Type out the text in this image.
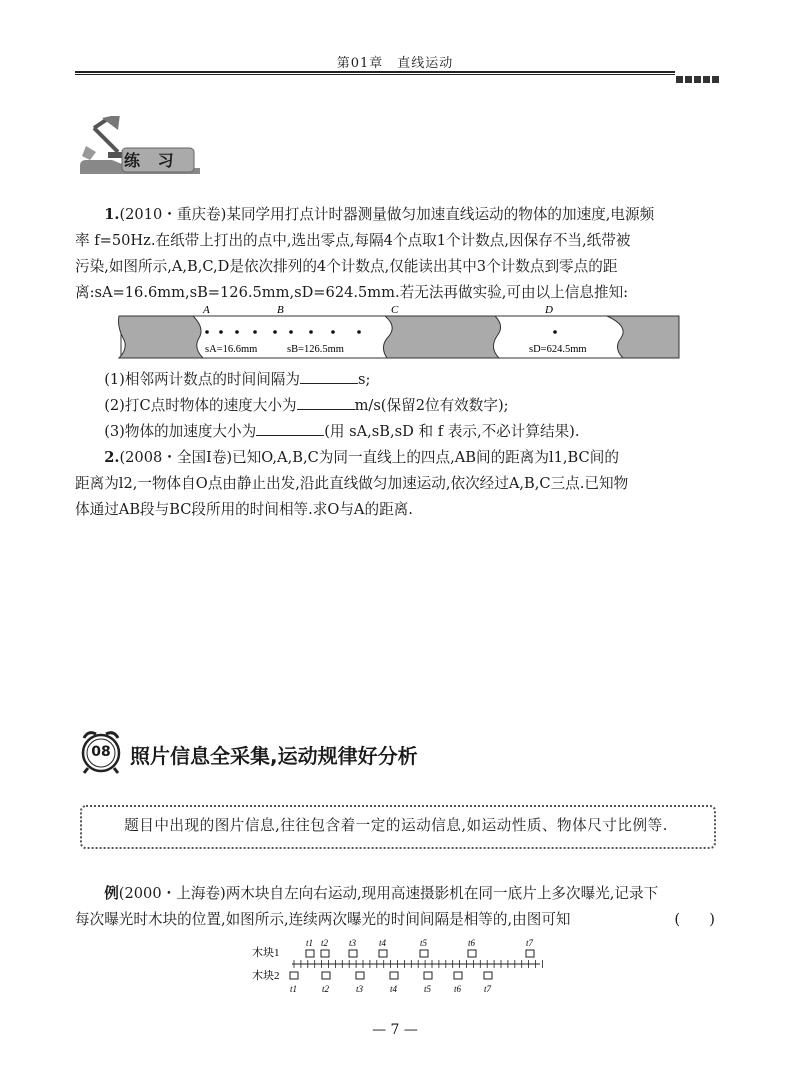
第01章　直线运动
练 习
1.(2010・重庆卷)某同学用打点计时器测量做匀加速直线运动的物体的加速度,电源频
率 f=50Hz.在纸带上打出的点中,选出零点,每隔4个点取1个计数点,因保存不当,纸带被
污染,如图所示,A,B,C,D是依次排列的4个计数点,仅能读出其中3个计数点到零点的距
离:sA=16.6mm,sB=126.5mm,sD=624.5mm.若无法再做实验,可由以上信息推知:
A	B	C	D
sA=16.6mm	sB=126.5mm	sD=624.5mm
(1)相邻两计数点的时间间隔为	s;
(2)打C点时物体的速度大小为	m/s(保留2位有效数字);
(3)物体的加速度大小为	(用 sA,sB,sD 和 f 表示,不必计算结果).
2.(2008・全国Ⅰ卷)已知O,A,B,C为同一直线上的四点,AB间的距离为l1,BC间的
距离为l2,一物体自O点由静止出发,沿此直线做匀加速运动,依次经过A,B,C三点.已知物
体通过AB段与BC段所用的时间相等.求O与A的距离.
08 照片信息全采集,运动规律好分析
题目中出现的图片信息,往往包含着一定的运动信息,如运动性质、物体尺寸比例等.
例(2000・上海卷)两木块自左向右运动,现用高速摄影机在同一底片上多次曝光,记录下
每次曝光时木块的位置,如图所示,连续两次曝光的时间间隔是相等的,由图可知	(　　)
木块1
木块2
t1 t2 t3	t4	t5	t6	t7
t1	t2	t3	t4	t5	t6	t7
— 7 —
